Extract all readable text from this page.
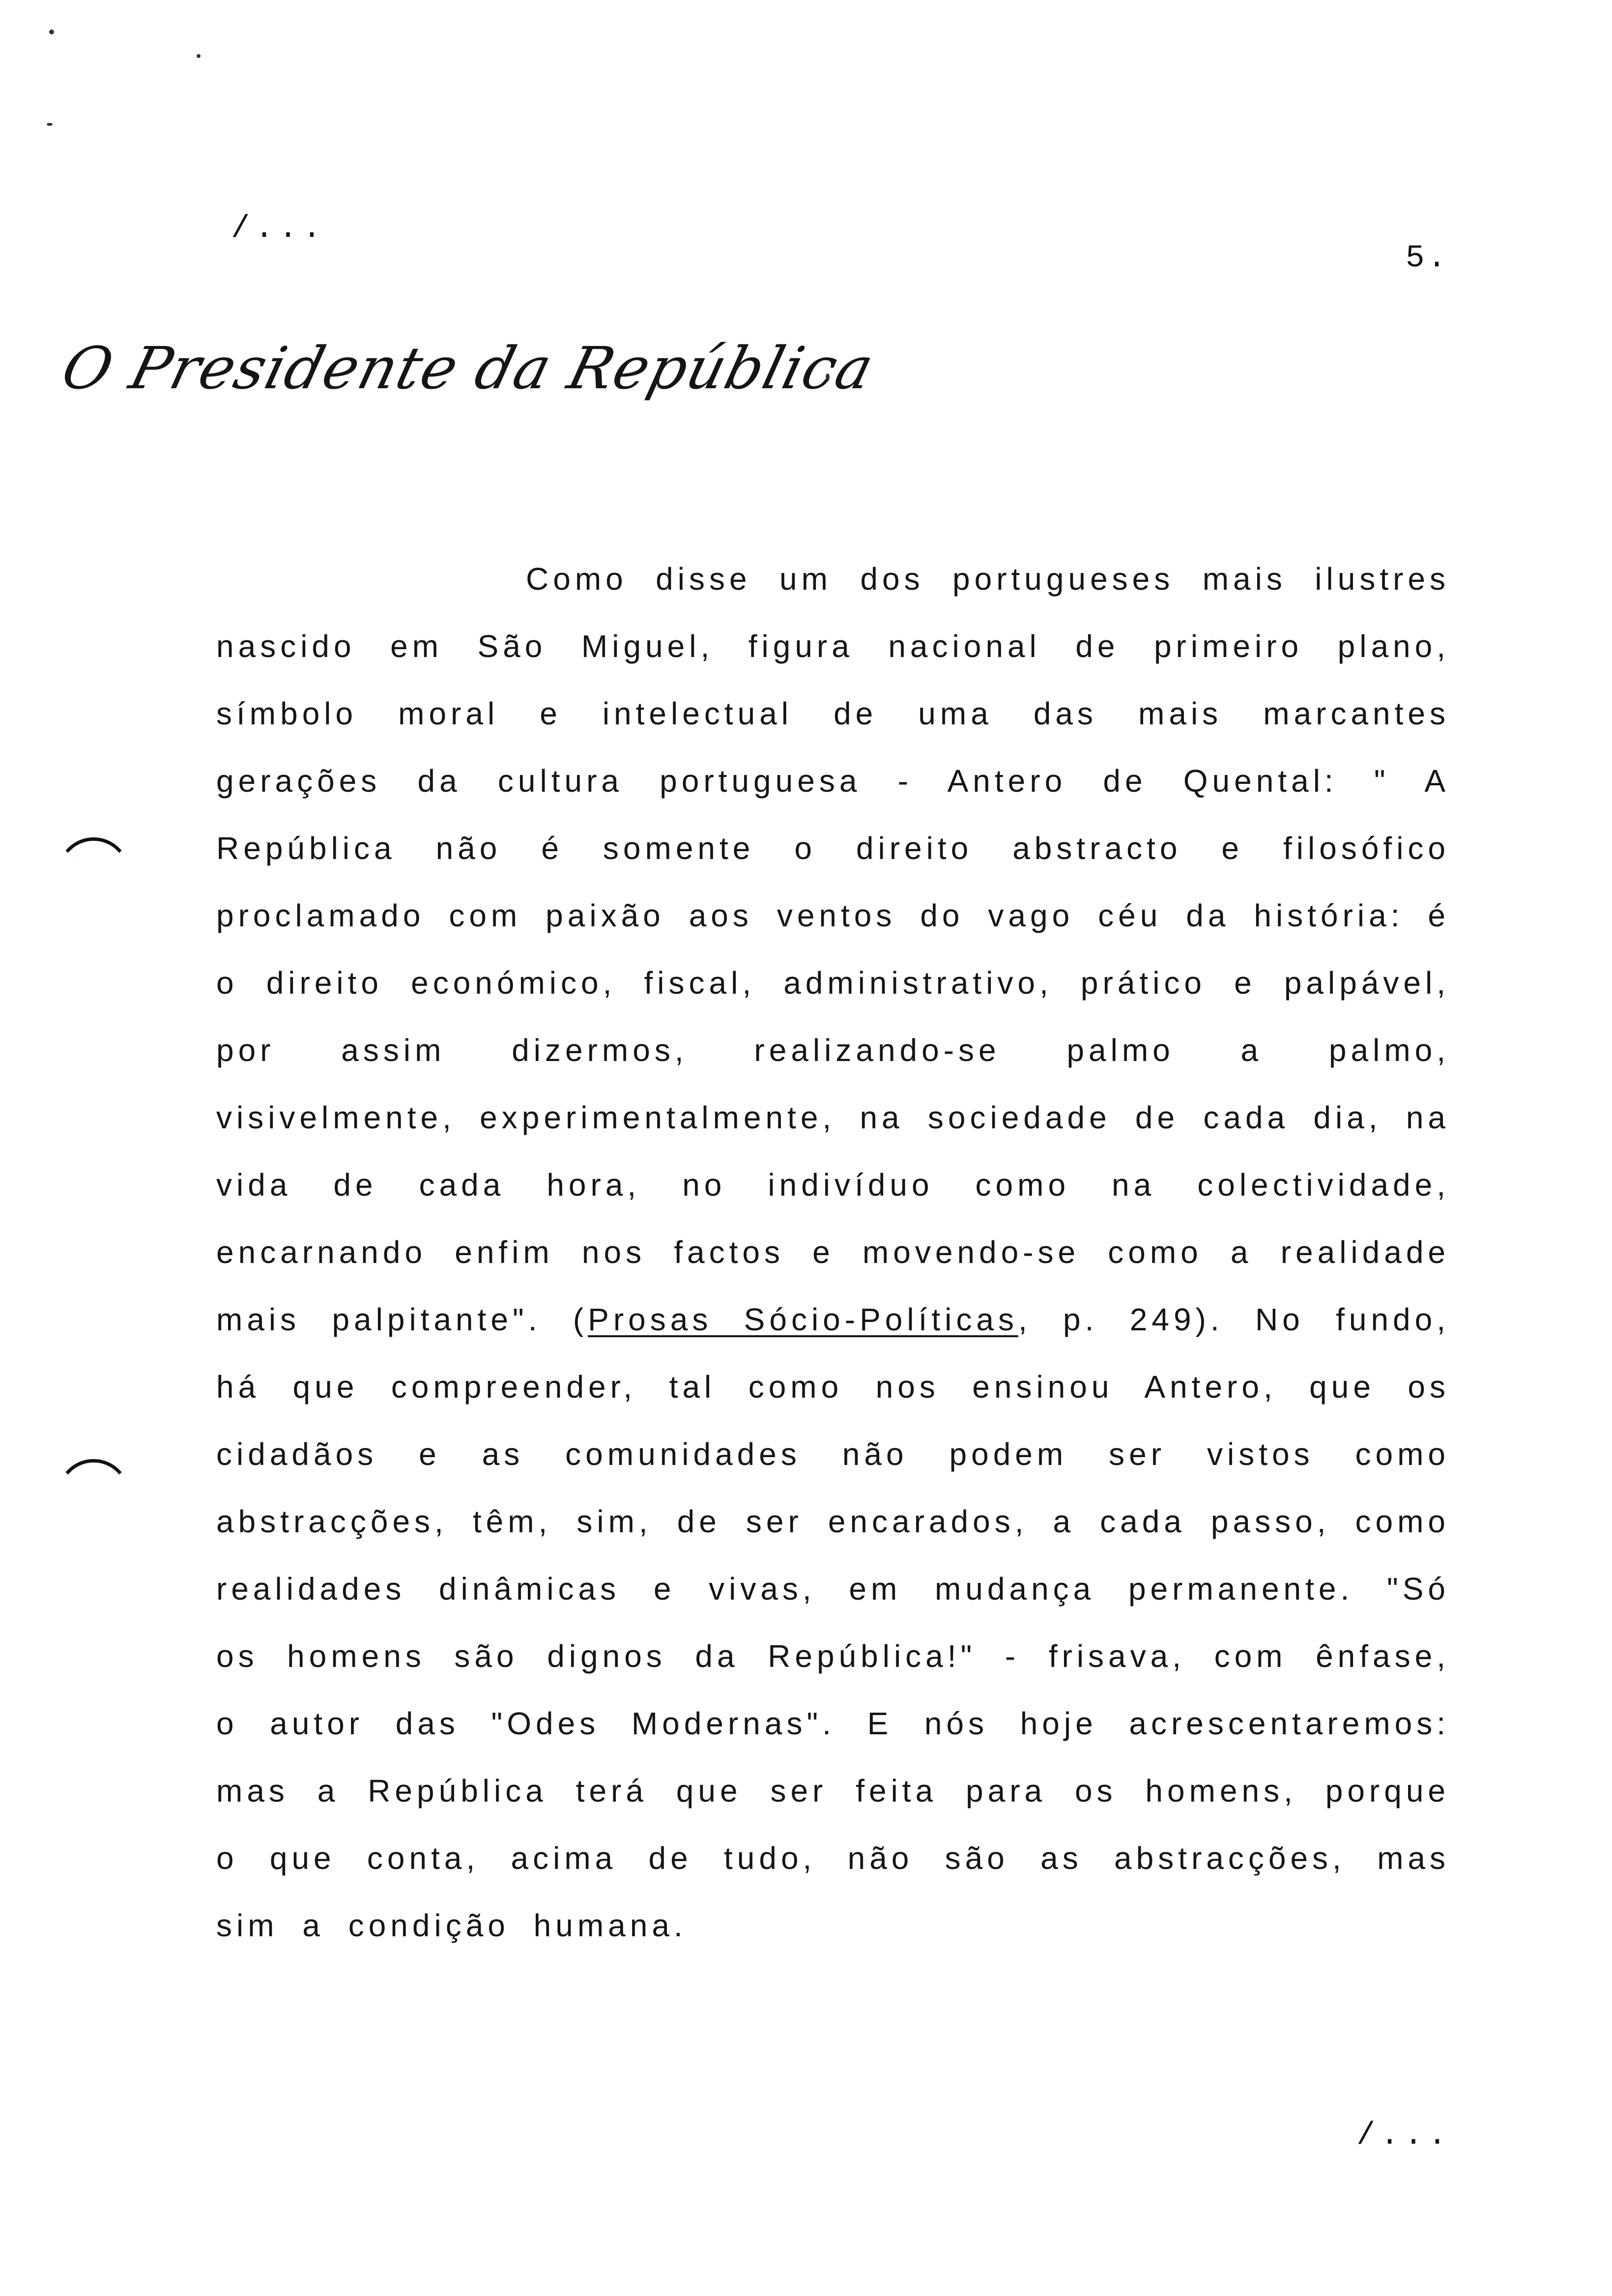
/...
5.
O Presidente da República

Como disse um dos portugueses mais ilustres nascido em São Miguel, figura nacional de primeiro plano, símbolo moral e intelectual de uma das mais marcantes gerações da cultura portuguesa - Antero de Quental: " A República não é somente o direito abstracto e filosófico proclamado com paixão aos ventos do vago céu da história: é o direito económico, fiscal, administrativo, prático e palpável, por assim dizermos, realizando-se palmo a palmo, visivelmente, experimentalmente, na sociedade de cada dia, na vida de cada hora, no indivíduo como na colectividade, encarnando enfim nos factos e movendo-se como a realidade mais palpitante". (Prosas Sócio-Políticas, p. 249). No fundo, há que compreender, tal como nos ensinou Antero, que os cidadãos e as comunidades não podem ser vistos como abstracções, têm, sim, de ser encarados, a cada passo, como realidades dinâmicas e vivas, em mudança permanente. "Só os homens são dignos da República!" - frisava, com ênfase, o autor das "Odes Modernas". E nós hoje acrescentaremos: mas a República terá que ser feita para os homens, porque o que conta, acima de tudo, não são as abstracções, mas sim a condição humana.

/...
